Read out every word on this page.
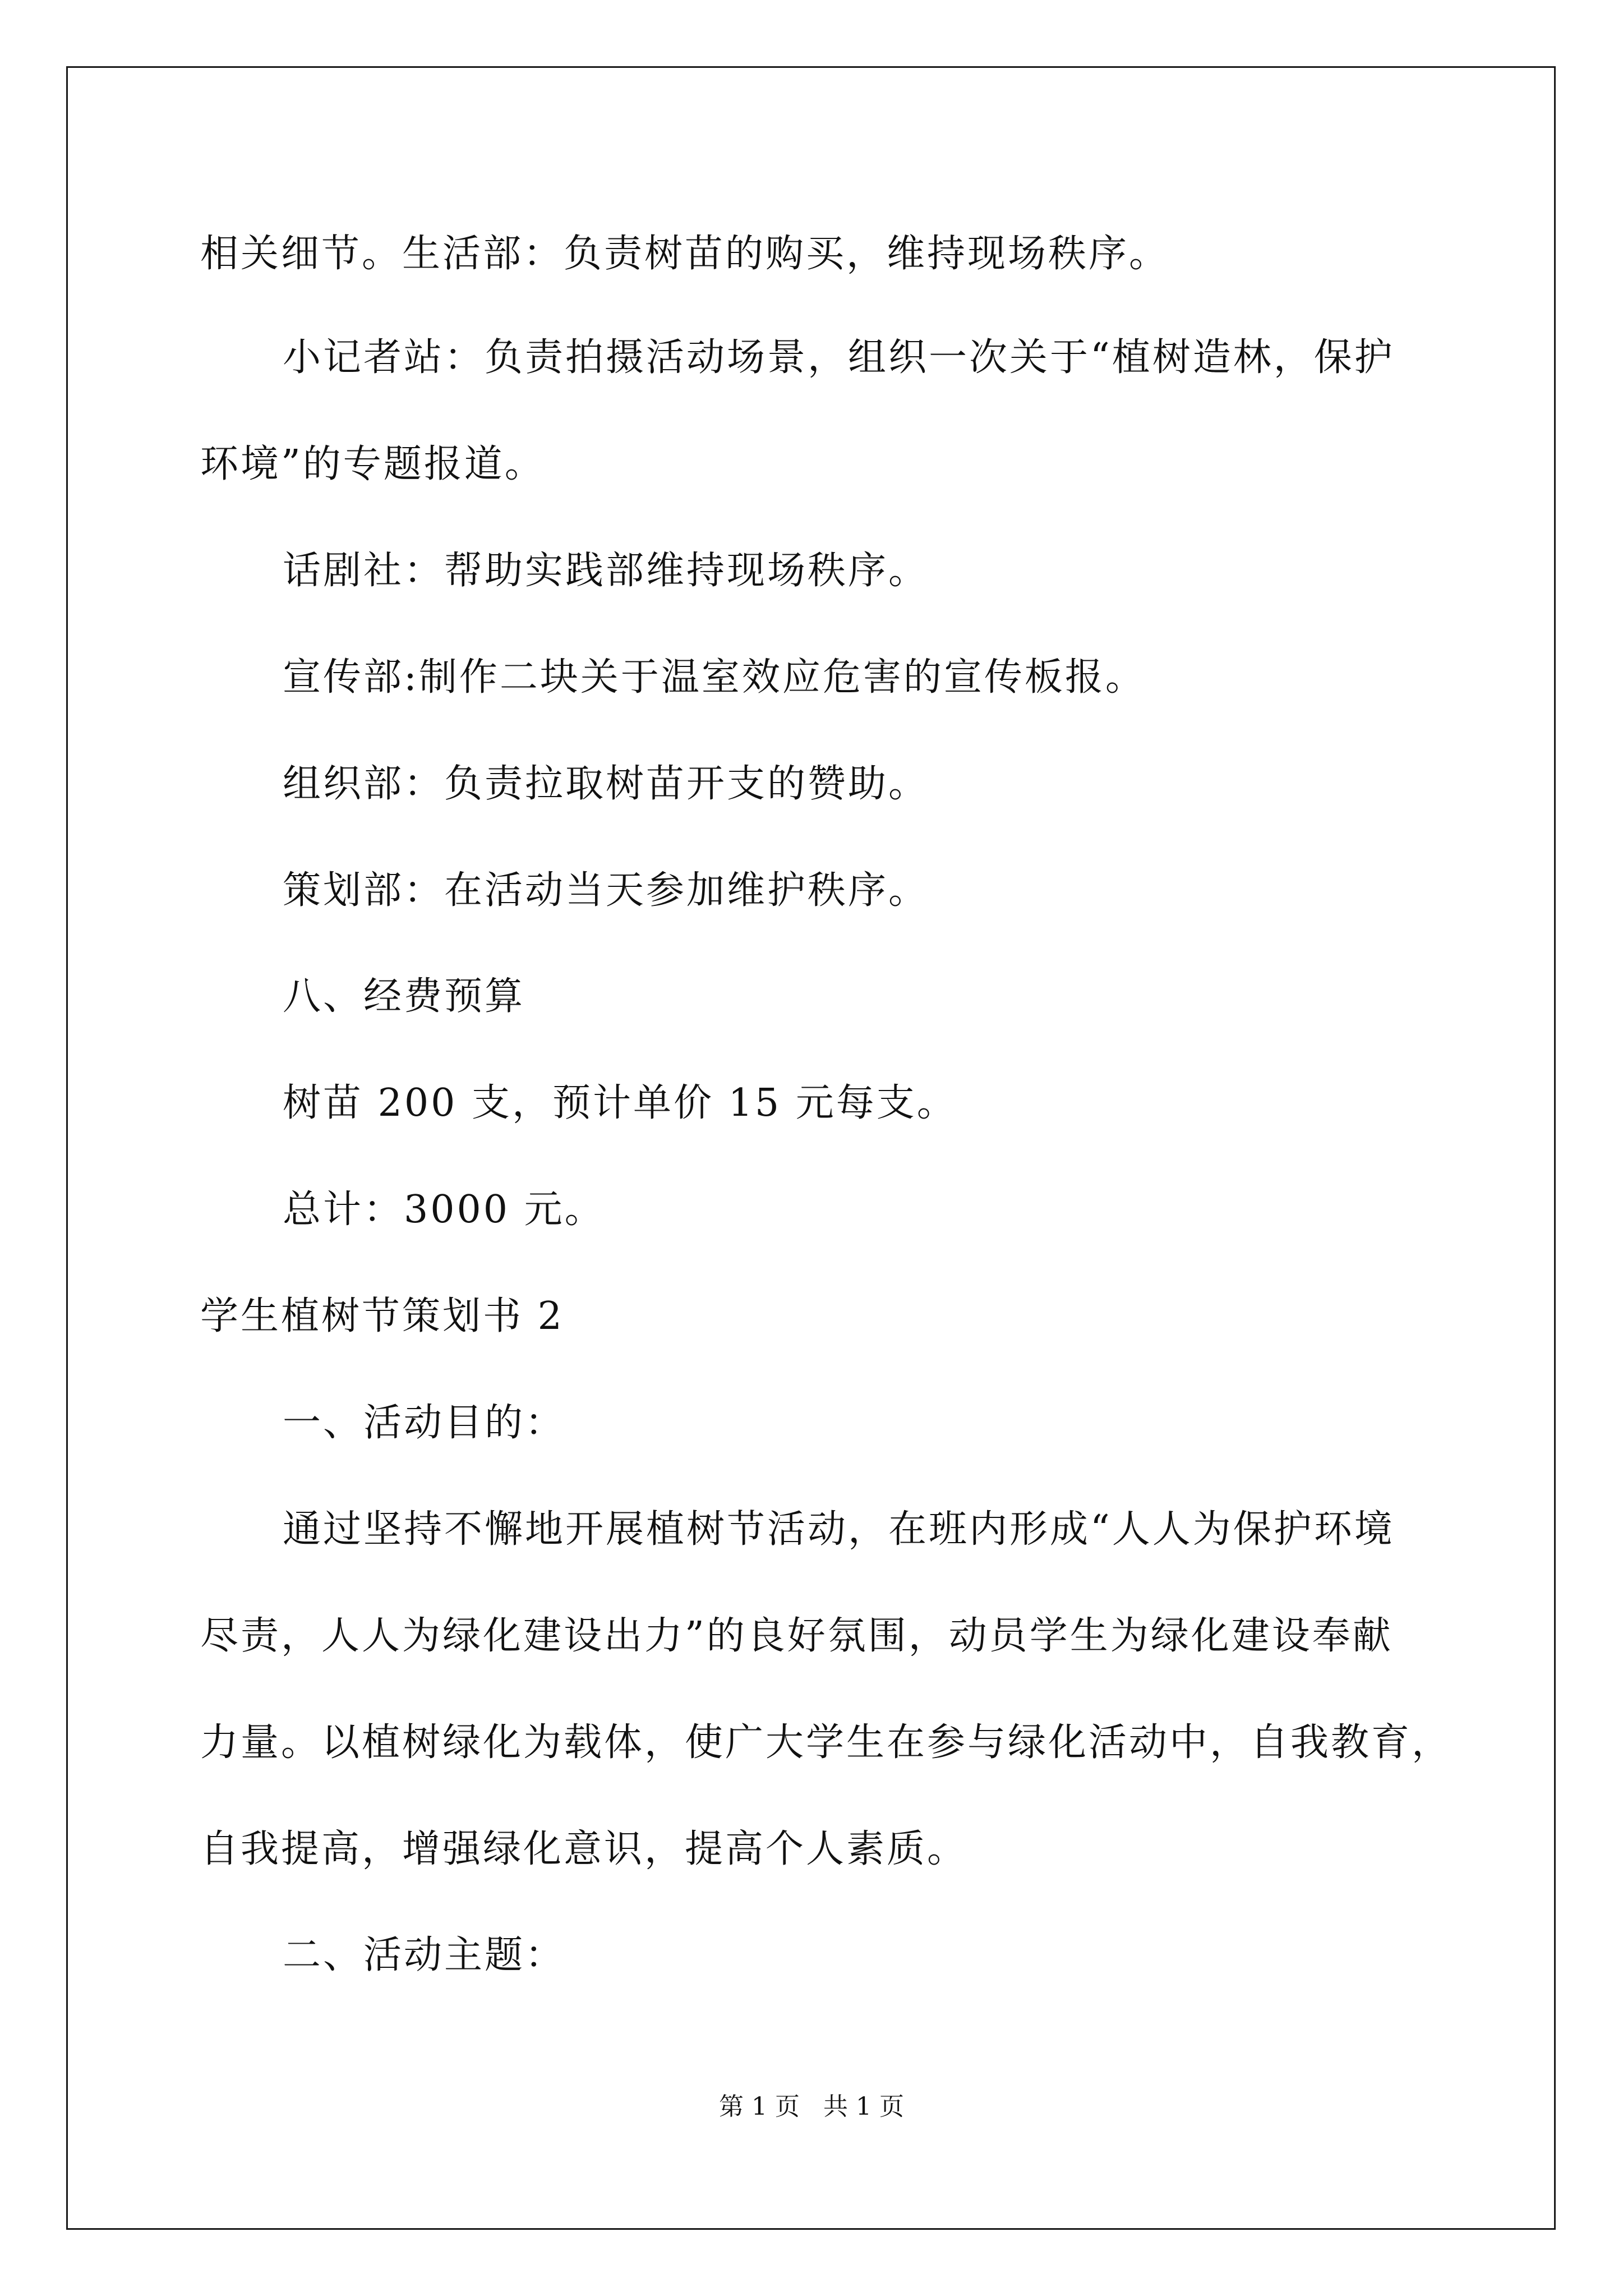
相关细节。生活部：负责树苗的购买，维持现场秩序。
小记者站：负责拍摄活动场景，组织一次关于“植树造林，保护
环境”的专题报道。
话剧社：帮助实践部维持现场秩序。
宣传部:制作二块关于温室效应危害的宣传板报。
组织部：负责拉取树苗开支的赞助。
策划部：在活动当天参加维护秩序。
八、经费预算
树苗 200 支，预计单价 15 元每支。
总计：3000 元。
学生植树节策划书 2
一、活动目的：
通过坚持不懈地开展植树节活动，在班内形成“人人为保护环境
尽责，人人为绿化建设出力”的良好氛围，动员学生为绿化建设奉献
力量。以植树绿化为载体，使广大学生在参与绿化活动中，自我教育，
自我提高，增强绿化意识，提高个人素质。
二、活动主题：
第 1 页 共 1 页
